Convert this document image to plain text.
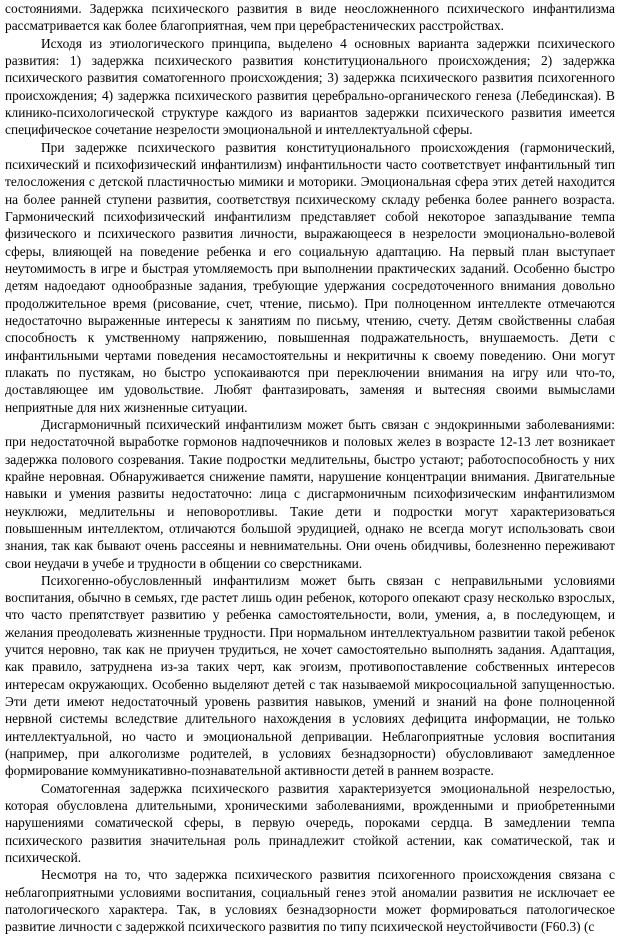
состояниями. Задержка психического развития в виде неосложненного психического инфантилизма рассматривается как более благоприятная, чем при церебрастенических расстройствах.

Исходя из этиологического принципа, выделено 4 основных варианта задержки психического развития: 1) задержка психического развития конституционального происхождения; 2) задержка психического развития соматогенного происхождения; 3) задержка психического развития психогенного происхождения; 4) задержка психического развития церебрально-органического генеза (Лебединская). В клинико-психологической структуре каждого из вариантов задержки психического развития имеется специфическое сочетание незрелости эмоциональной и интеллектуальной сферы.

При задержке психического развития конституционального происхождения (гармонический, психический и психофизический инфантилизм) инфантильности часто соответствует инфантильный тип телосложения с детской пластичностью мимики и моторики. Эмоциональная сфера этих детей находится на более ранней ступени развития, соответствуя психическому складу ребенка более раннего возраста. Гармонический психофизический инфантилизм представляет собой некоторое запаздывание темпа физического и психического развития личности, выражающееся в незрелости эмоционально-волевой сферы, влияющей на поведение ребенка и его социальную адаптацию. На первый план выступает неутомимость в игре и быстрая утомляемость при выполнении практических заданий. Особенно быстро детям надоедают однообразные задания, требующие удержания сосредоточенного внимания довольно продолжительное время (рисование, счет, чтение, письмо). При полноценном интеллекте отмечаются недостаточно выраженные интересы к занятиям по письму, чтению, счету. Детям свойственны слабая способность к умственному напряжению, повышенная подражательность, внушаемость. Дети с инфантильными чертами поведения несамостоятельны и некритичны к своему поведению. Они могут плакать по пустякам, но быстро успокаиваются при переключении внимания на игру или что-то, доставляющее им удовольствие. Любят фантазировать, заменяя и вытесняя своими вымыслами неприятные для них жизненные ситуации.

Дисгармоничный психический инфантилизм может быть связан с эндокринными заболеваниями: при недостаточной выработке гормонов надпочечников и половых желез в возрасте 12-13 лет возникает задержка полового созревания. Такие подростки медлительны, быстро устают; работоспособность у них крайне неровная. Обнаруживается снижение памяти, нарушение концентрации внимания. Двигательные навыки и умения развиты недостаточно: лица с дисгармоничным психофизическим инфантилизмом неуклюжи, медлительны и неповоротливы. Такие дети и подростки могут характеризоваться повышенным интеллектом, отличаются большой эрудицией, однако не всегда могут использовать свои знания, так как бывают очень рассеяны и невнимательны. Они очень обидчивы, болезненно переживают свои неудачи в учебе и трудности в общении со сверстниками.

Психогенно-обусловленный инфантилизм может быть связан с неправильными условиями воспитания, обычно в семьях, где растет лишь один ребенок, которого опекают сразу несколько взрослых, что часто препятствует развитию у ребенка самостоятельности, воли, умения, а, в последующем, и желания преодолевать жизненные трудности. При нормальном интеллектуальном развитии такой ребенок учится неровно, так как не приучен трудиться, не хочет самостоятельно выполнять задания. Адаптация, как правило, затруднена из-за таких черт, как эгоизм, противопоставление собственных интересов интересам окружающих. Особенно выделяют детей с так называемой микросоциальной запущенностью. Эти дети имеют недостаточный уровень развития навыков, умений и знаний на фоне полноценной нервной системы вследствие длительного нахождения в условиях дефицита информации, не только интеллектуальной, но часто и эмоциональной депривации. Неблагоприятные условия воспитания (например, при алкоголизме родителей, в условиях безнадзорности) обусловливают замедленное формирование коммуникативно-познавательной активности детей в раннем возрасте.

Соматогенная задержка психического развития характеризуется эмоциональной незрелостью, которая обусловлена длительными, хроническими заболеваниями, врожденными и приобретенными нарушениями соматической сферы, в первую очередь, пороками сердца. В замедлении темпа психического развития значительная роль принадлежит стойкой астении, как соматической, так и психической.

Несмотря на то, что задержка психического развития психогенного происхождения связана с неблагоприятными условиями воспитания, социальный генез этой аномалии развития не исключает ее патологического характера. Так, в условиях безнадзорности может формироваться патологическое развитие личности с задержкой психического развития по типу психической неустойчивости (F60.3) (с
